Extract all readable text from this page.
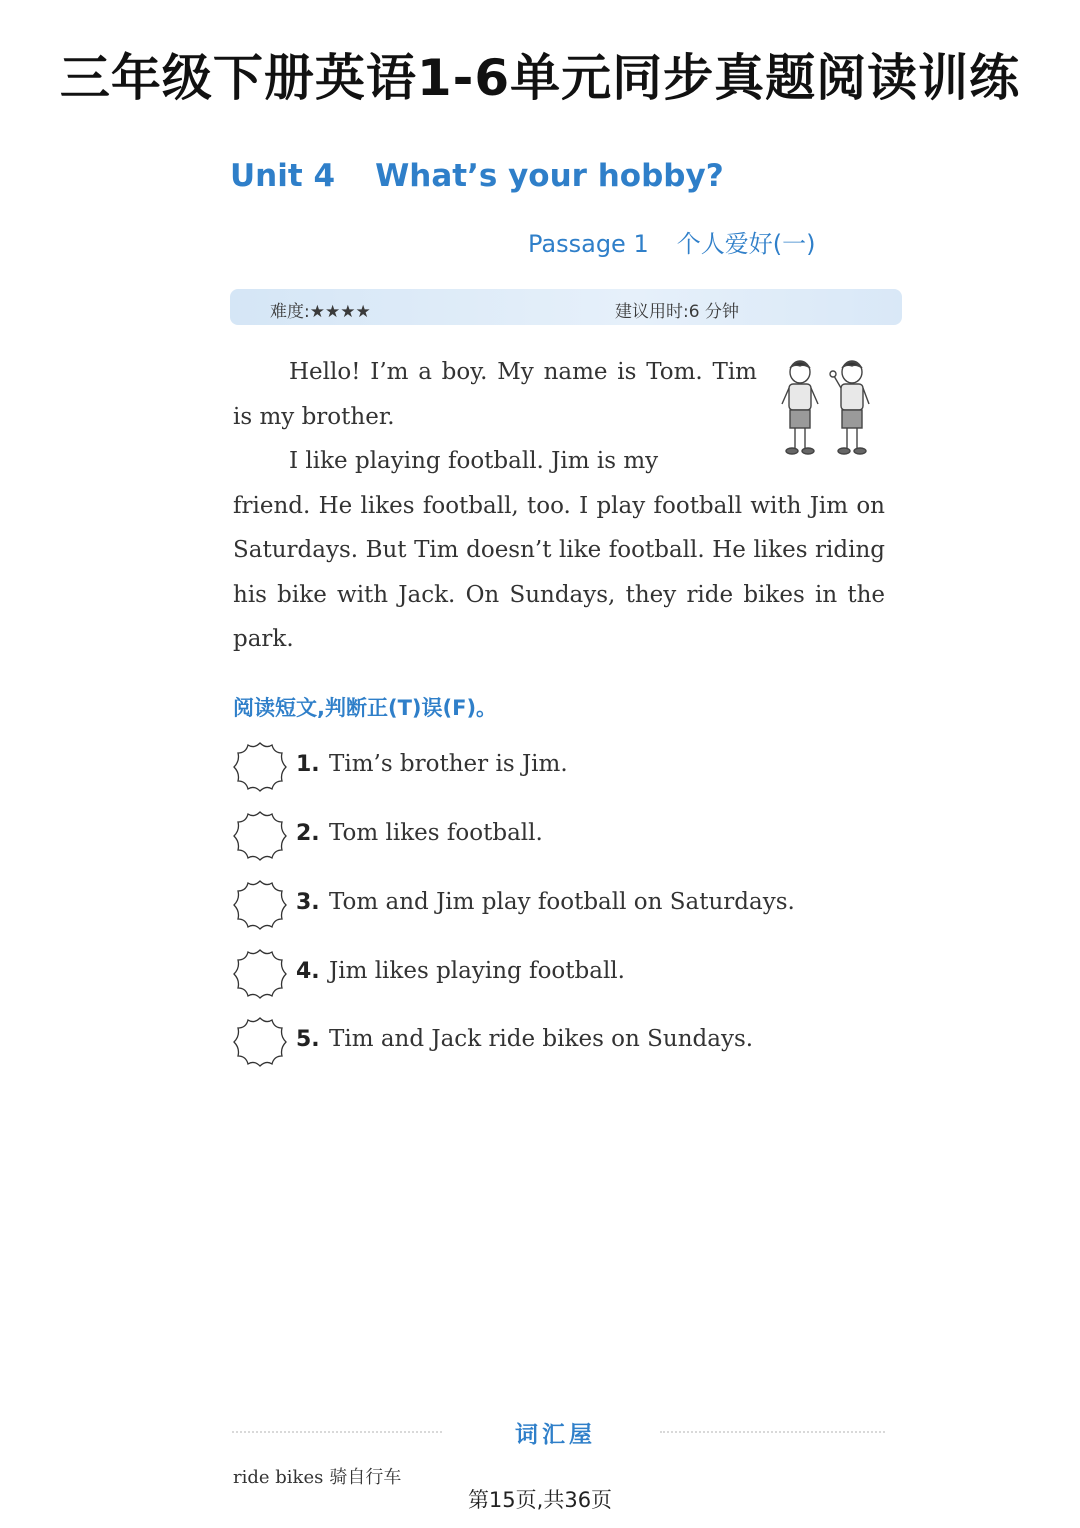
三年级下册英语1-6单元同步真题阅读训练
Unit 4 What’s your hobby?
Passage 1 个人爱好(一)
难度:★★★★	建议用时:6 分钟

Hello! I’m a boy. My name is Tom. Tim is my brother.

I like playing football. Jim is my

friend. He likes football, too. I play football with Jim on Saturdays. But Tim doesn’t like football. He likes riding his bike with Jack. On Sundays, they ride bikes in the park.

阅读短文,判断正(T)误(F)。
1. Tim’s brother is Jim.
2. Tom likes football.
3. Tom and Jim play football on Saturdays.
4. Jim likes playing football.
5. Tim and Jack ride bikes on Sundays.
词汇屋
ride bikes 骑自行车
第15页,共36页
